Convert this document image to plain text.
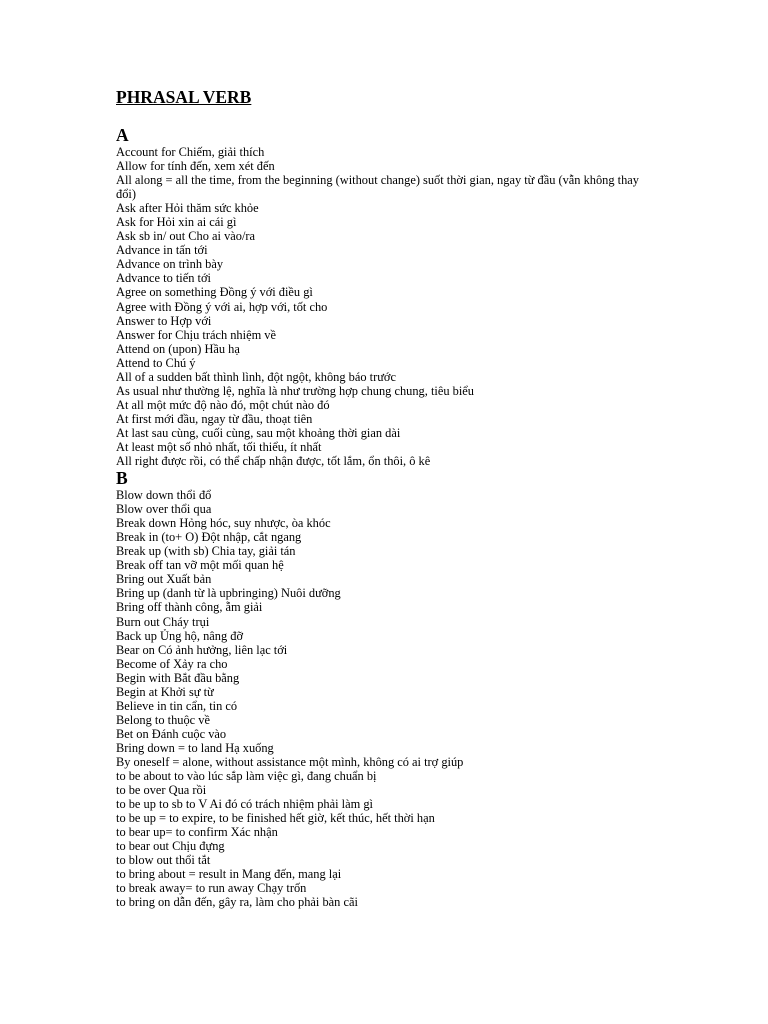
PHRASAL VERB
A
Account for Chiếm, giải thích
Allow for tính đến, xem xét đến
All along = all the time, from the beginning (without change) suốt thời gian, ngay từ đầu (vẫn không thay đổi)
Ask after Hỏi thăm sức khỏe
Ask for Hỏi xin ai cái gì
Ask sb in/ out Cho ai vào/ra
Advance in tấn tới
Advance on trình bày
Advance to tiến tới
Agree on something Đồng ý với điều gì
Agree with Đồng ý với ai, hợp với, tốt cho
Answer to Hợp với
Answer for Chịu trách nhiệm về
Attend on (upon) Hầu hạ
Attend to Chú ý
All of a sudden bất thình lình, đột ngột, không báo trước
As usual như thường lệ, nghĩa là như trường hợp chung chung, tiêu biểu
At all một mức độ nào đó, một chút nào đó
At first mới đầu, ngay từ đầu, thoạt tiên
At last sau cùng, cuối cùng, sau một khoảng thời gian dài
At least một số nhỏ nhất, tối thiểu, ít nhất
All right được rồi, có thể chấp nhận được, tốt lắm, ổn thôi, ô kê
B
Blow down thổi đổ
Blow over thổi qua
Break down Hỏng hóc, suy nhược, òa khóc
Break in (to+ O) Đột nhập, cắt ngang
Break up (with sb) Chia tay, giải tán
Break off tan vỡ một mối quan hệ
Bring out Xuất bản
Bring up (danh từ là upbringing) Nuôi dưỡng
Bring off thành công, ẵm giải
Burn out Cháy trụi
Back up Ủng hộ, nâng đỡ
Bear on Có ảnh hưởng, liên lạc tới
Become of Xảy ra cho
Begin with Bắt đầu bằng
Begin at Khởi sự từ
Believe in tin cẩn, tin có
Belong to thuộc về
Bet on Đánh cuộc vào
Bring down = to land Hạ xuống
By oneself = alone, without assistance một mình, không có ai trợ giúp
to be about to vào lúc sắp làm việc gì, đang chuẩn bị
to be over Qua rồi
to be up to sb to V Ai đó có trách nhiệm phải làm gì
to be up = to expire, to be finished hết giờ, kết thúc, hết thời hạn
to bear up= to confirm Xác nhận
to bear out Chịu đựng
to blow out thổi tắt
to bring about = result in Mang đến, mang lại
to break away= to run away Chạy trốn
to bring on dẫn đến, gây ra, làm cho phải bàn cãi
